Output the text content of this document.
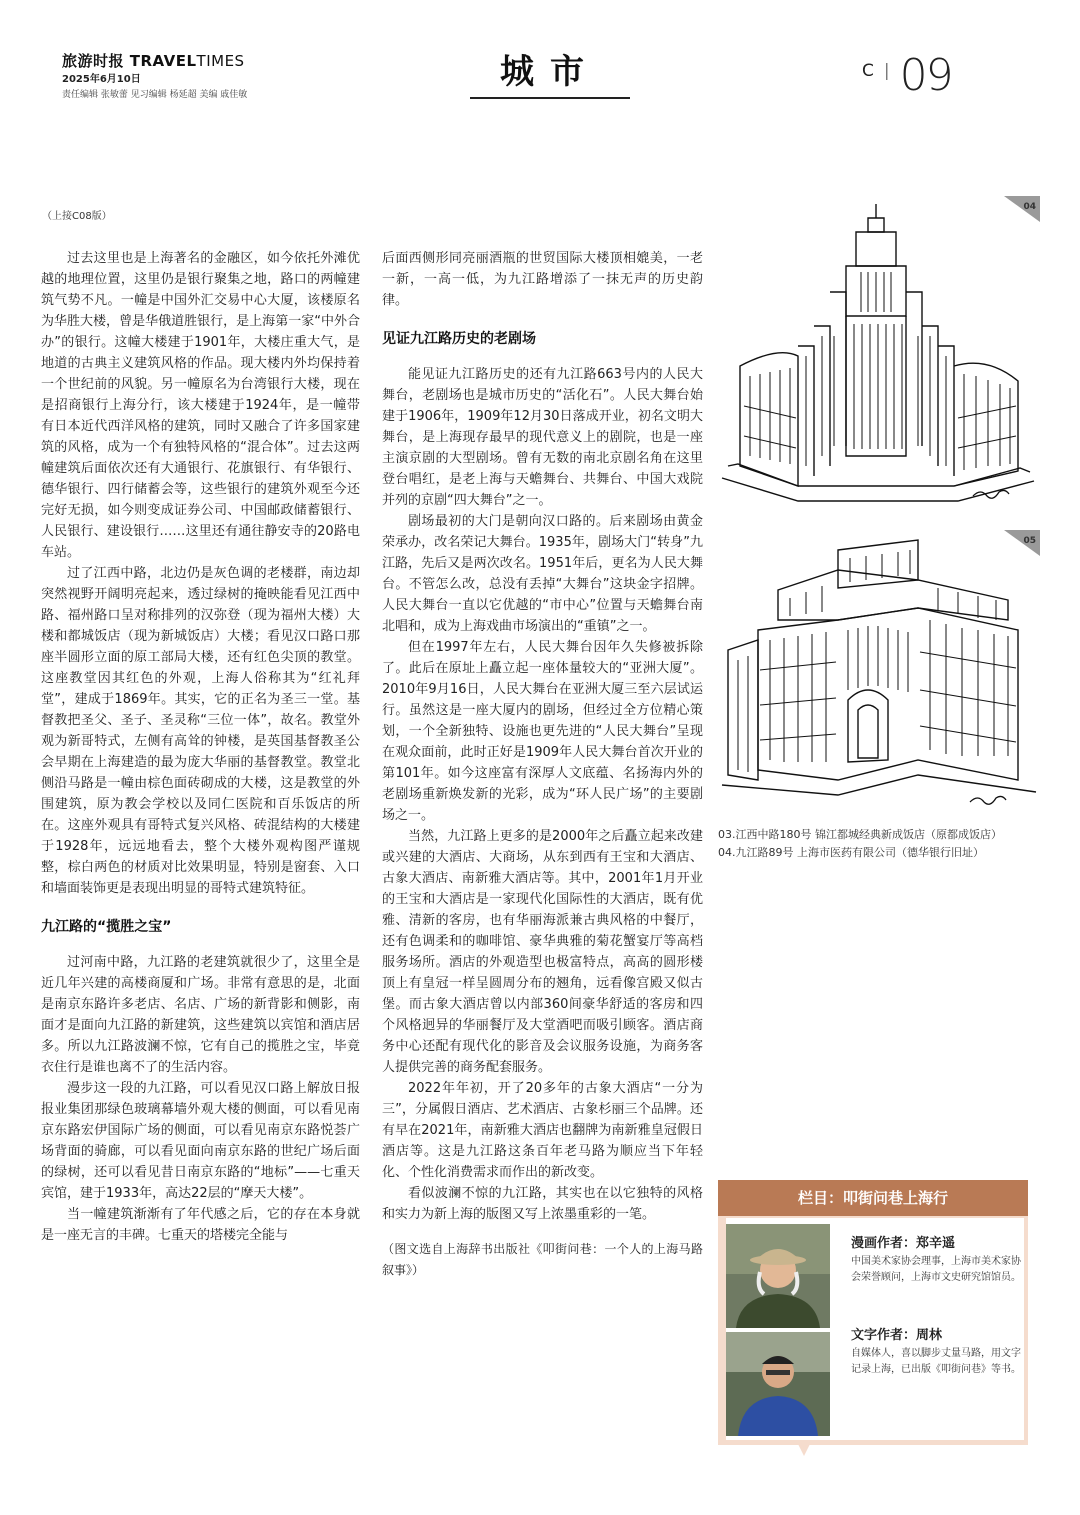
旅游时报 TRAVELTIMES
2025年6月10日
责任编辑 张敏蕾 见习编辑 杨延超 美编 戚佳敏
城市	$^C$ | 09
（上接C08版）

过去这里也是上海著名的金融区，如今依托外滩优越的地理位置，这里仍是银行聚集之地，路口的两幢建筑气势不凡。一幢是中国外汇交易中心大厦，该楼原名为华胜大楼，曾是华俄道胜银行，是上海第一家“中外合办”的银行。这幢大楼建于1901年，大楼庄重大气，是地道的古典主义建筑风格的作品。现大楼内外均保持着一个世纪前的风貌。另一幢原名为台湾银行大楼，现在是招商银行上海分行，该大楼建于1924年，是一幢带有日本近代西洋风格的建筑，同时又融合了许多国家建筑的风格，成为一个有独特风格的“混合体”。过去这两幢建筑后面依次还有大通银行、花旗银行、有华银行、德华银行、四行储蓄会等，这些银行的建筑外观至今还完好无损，如今则变成证券公司、中国邮政储蓄银行、人民银行、建设银行……这里还有通往静安寺的20路电车站。

过了江西中路，北边仍是灰色调的老楼群，南边却突然视野开阔明亮起来，透过绿树的掩映能看见江西中路、福州路口呈对称排列的汉弥登（现为福州大楼）大楼和都城饭店（现为新城饭店）大楼；看见汉口路口那座半圆形立面的原工部局大楼，还有红色尖顶的教堂。这座教堂因其红色的外观，上海人俗称其为“红礼拜堂”，建成于1869年。其实，它的正名为圣三一堂。基督教把圣父、圣子、圣灵称“三位一体”，故名。教堂外观为新哥特式，左侧有高耸的钟楼，是英国基督教圣公会早期在上海建造的最为庞大华丽的基督教堂。教堂北侧沿马路是一幢由棕色面砖砌成的大楼，这是教堂的外围建筑，原为教会学校以及同仁医院和百乐饭店的所在。这座外观具有哥特式复兴风格、砖混结构的大楼建于1928年，远远地看去，整个大楼外观构图严谨规整，棕白两色的材质对比效果明显，特别是窗套、入口和墙面装饰更是表现出明显的哥特式建筑特征。

九江路的“揽胜之宝”

过河南中路，九江路的老建筑就很少了，这里全是近几年兴建的高楼商厦和广场。非常有意思的是，北面是南京东路许多老店、名店、广场的新背影和侧影，南面才是面向九江路的新建筑，这些建筑以宾馆和酒店居多。所以九江路波澜不惊，它有自己的揽胜之宝，毕竟衣住行是谁也离不了的生活内容。

漫步这一段的九江路，可以看见汉口路上解放日报报业集团那绿色玻璃幕墙外观大楼的侧面，可以看见南京东路宏伊国际广场的侧面，可以看见南京东路悦荟广场背面的骑廊，可以看见面向南京东路的世纪广场后面的绿树，还可以看见昔日南京东路的“地标”——七重天宾馆，建于1933年，高达22层的“摩天大楼”。

当一幢建筑渐渐有了年代感之后，它的存在本身就是一座无言的丰碑。七重天的塔楼完全能与

后面西侧形同亮丽酒瓶的世贸国际大楼顶相媲美，一老一新，一高一低，为九江路增添了一抹无声的历史韵律。

见证九江路历史的老剧场

能见证九江路历史的还有九江路663号内的人民大舞台，老剧场也是城市历史的“活化石”。人民大舞台始建于1906年，1909年12月30日落成开业，初名文明大舞台，是上海现存最早的现代意义上的剧院，也是一座主演京剧的大型剧场。曾有无数的南北京剧名角在这里登台唱红，是老上海与天蟾舞台、共舞台、中国大戏院并列的京剧“四大舞台”之一。

剧场最初的大门是朝向汉口路的。后来剧场由黄金荣承办，改名荣记大舞台。1935年，剧场大门“转身”九江路，先后又是两次改名。1951年后，更名为人民大舞台。不管怎么改，总没有丢掉“大舞台”这块金字招牌。人民大舞台一直以它优越的“市中心”位置与天蟾舞台南北唱和，成为上海戏曲市场演出的“重镇”之一。

但在1997年左右，人民大舞台因年久失修被拆除了。此后在原址上矗立起一座体量较大的“亚洲大厦”。2010年9月16日，人民大舞台在亚洲大厦三至六层试运行。虽然这是一座大厦内的剧场，但经过全方位精心策划，一个全新独特、设施也更先进的“人民大舞台”呈现在观众面前，此时正好是1909年人民大舞台首次开业的第101年。如今这座富有深厚人文底蕴、名扬海内外的老剧场重新焕发新的光彩，成为“环人民广场”的主要剧场之一。

当然，九江路上更多的是2000年之后矗立起来改建或兴建的大酒店、大商场，从东到西有王宝和大酒店、古象大酒店、南新雅大酒店等。其中，2001年1月开业的王宝和大酒店是一家现代化国际性的大酒店，既有优雅、清新的客房，也有华丽海派兼古典风格的中餐厅，还有色调柔和的咖啡馆、豪华典雅的菊花蟹宴厅等高档服务场所。酒店的外观造型也极富特点，高高的圆形楼顶上有皇冠一样呈圆周分布的翘角，远看像宫殿又似古堡。而古象大酒店曾以内部360间豪华舒适的客房和四个风格迥异的华丽餐厅及大堂酒吧而吸引顾客。酒店商务中心还配有现代化的影音及会议服务设施，为商务客人提供完善的商务配套服务。

2022年年初，开了20多年的古象大酒店“一分为三”，分属假日酒店、艺术酒店、古象杉丽三个品牌。还有早在2021年，南新雅大酒店也翻牌为南新雅皇冠假日酒店等。这是九江路这条百年老马路为顺应当下年轻化、个性化消费需求而作出的新改变。

看似波澜不惊的九江路，其实也在以它独特的风格和实力为新上海的版图又写上浓墨重彩的一笔。

（图文选自上海辞书出版社《叩街问巷：一个人的上海马路叙事》）

04
05
03.江西中路180号 锦江都城经典新成饭店（原都成饭店）
04.九江路89号 上海市医药有限公司（德华银行旧址）
栏目：叩街问巷上海行
漫画作者：郑辛遥
中国美术家协会理事，上海市美术家协会荣誉顾问，上海市文史研究馆馆员。
文字作者：周林
自媒体人，喜以脚步丈量马路，用文字记录上海，已出版《叩街问巷》等书。
